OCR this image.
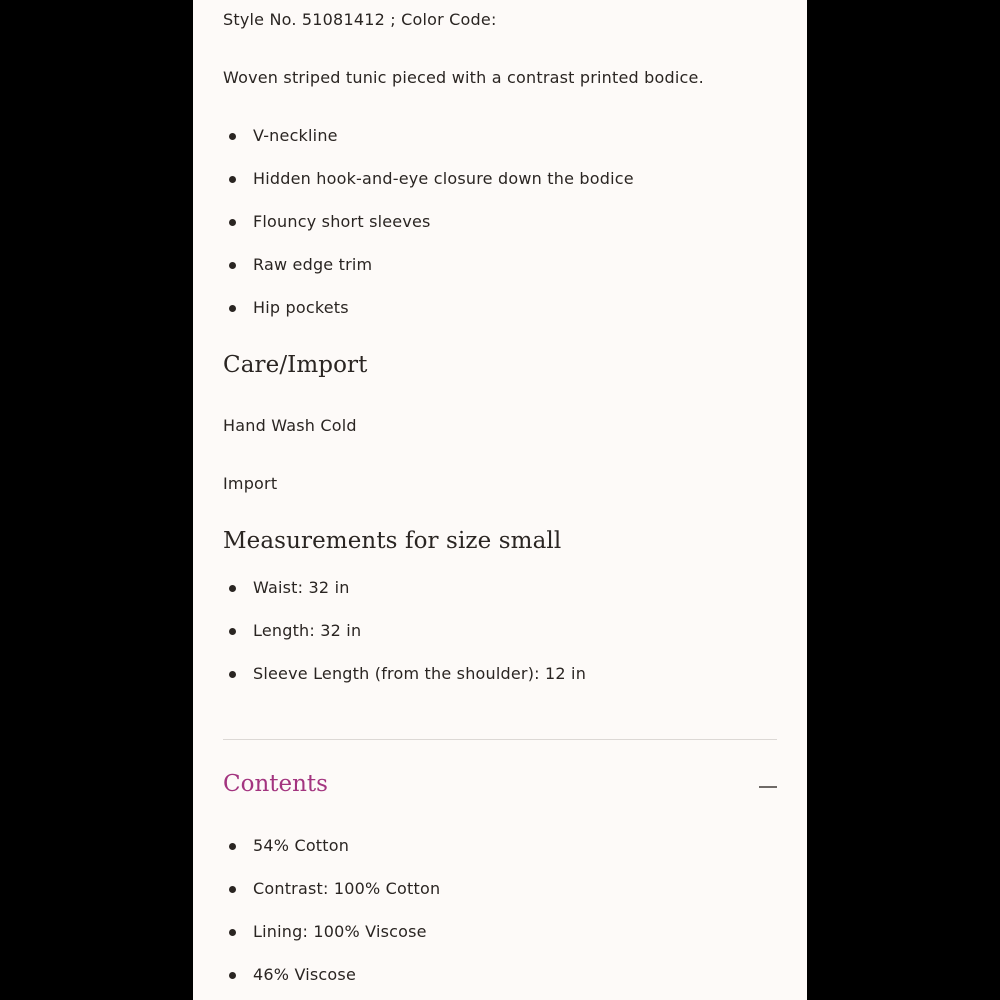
Style No. 51081412 ; Color Code:
Woven striped tunic pieced with a contrast printed bodice.
V-neckline
Hidden hook-and-eye closure down the bodice
Flouncy short sleeves
Raw edge trim
Hip pockets
Care/Import
Hand Wash Cold
Import
Measurements for size small
Waist: 32 in
Length: 32 in
Sleeve Length (from the shoulder): 12 in
Contents
54% Cotton
Contrast: 100% Cotton
Lining: 100% Viscose
46% Viscose
